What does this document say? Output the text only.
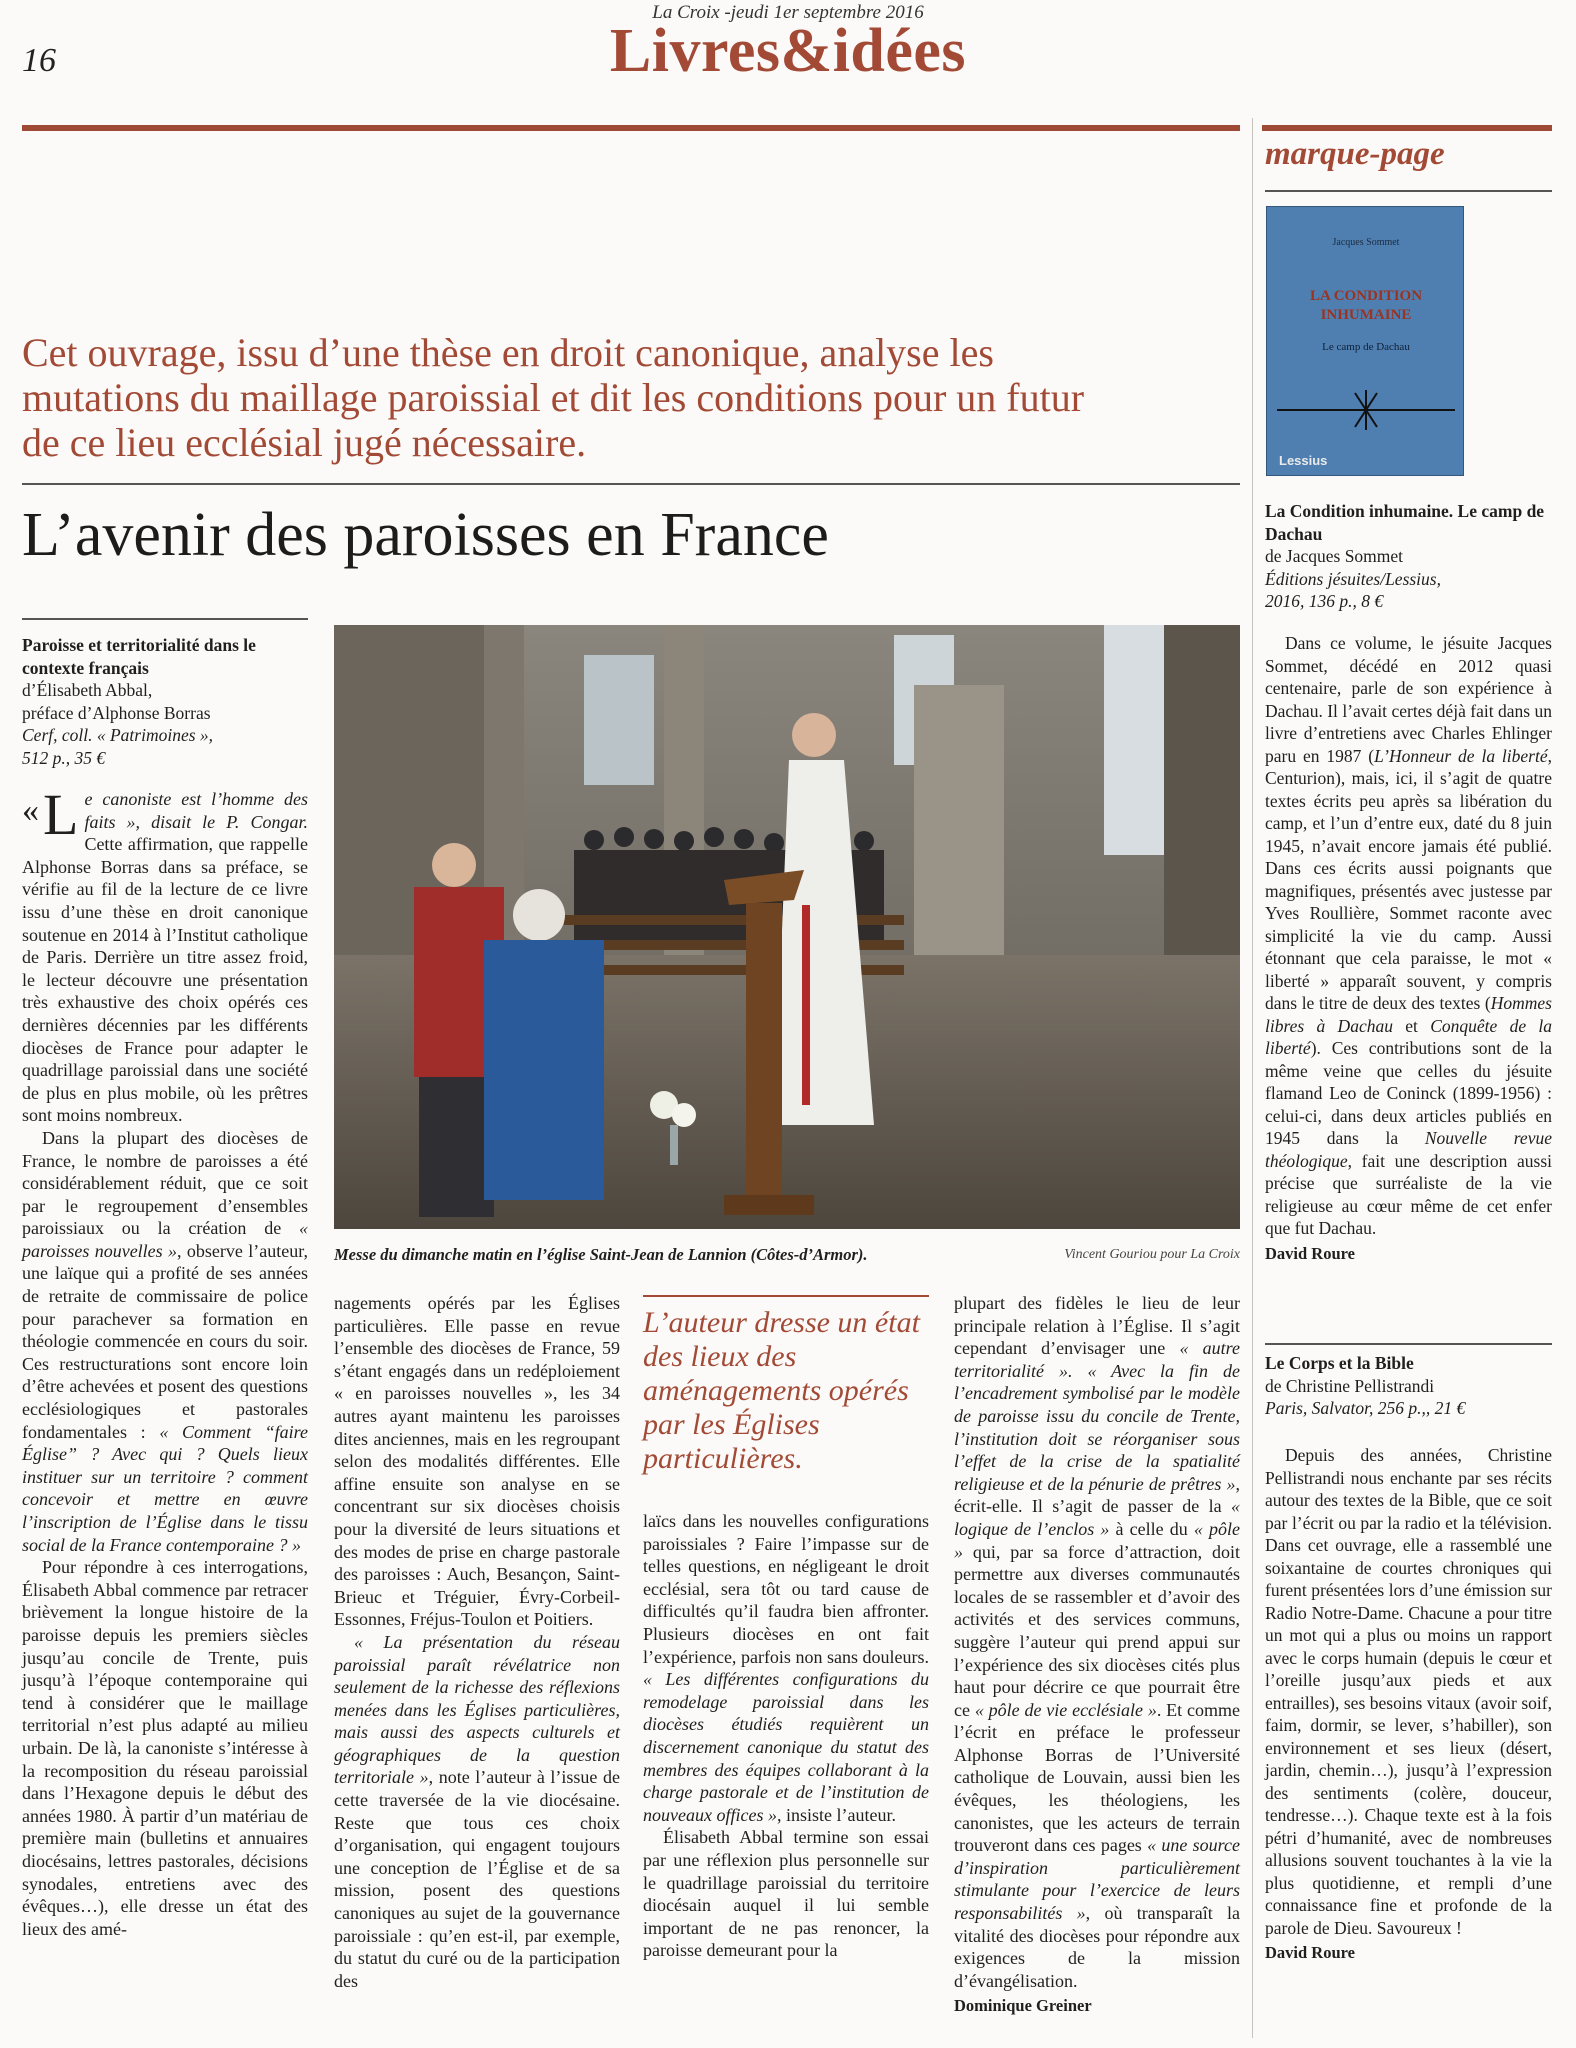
La Croix -jeudi 1er septembre 2016
16	Livres&idées
Cet ouvrage, issu d’une thèse en droit canonique, analyse les mutations du maillage paroissial et dit les conditions pour un futur de ce lieu ecclésial jugé nécessaire.
L’avenir des paroisses en France
Paroisse et territorialité dans le contexte français
d’Élisabeth Abbal,
préface d’Alphonse Borras
Cerf, coll. « Patrimoines »,
512 p., 35 €
Messe du dimanche matin en l’église Saint-Jean de Lannion (Côtes-d’Armor).	Vincent Gouriou pour La Croix

« L e canoniste est l’homme des faits », disait le P. Congar. Cette affirmation, que rappelle Alphonse Borras dans sa préface, se vérifie au fil de la lecture de ce livre issu d’une thèse en droit canonique soutenue en 2014 à l’Institut catholique de Paris. Derrière un titre assez froid, le lecteur découvre une présentation très exhaustive des choix opérés ces dernières décennies par les différents diocèses de France pour adapter le quadrillage paroissial dans une société de plus en plus mobile, où les prêtres sont moins nombreux.

Dans la plupart des diocèses de France, le nombre de paroisses a été considérablement réduit, que ce soit par le regroupement d’ensembles paroissiaux ou la création de « paroisses nouvelles », observe l’auteur, une laïque qui a profité de ses années de retraite de commissaire de police pour parachever sa formation en théologie commencée en cours du soir. Ces restructurations sont encore loin d’être achevées et posent des questions ecclésiologiques et pastorales fondamentales : « Comment “faire Église” ? Avec qui ? Quels lieux instituer sur un territoire ? comment concevoir et mettre en œuvre l’inscription de l’Église dans le tissu social de la France contemporaine ? »

Pour répondre à ces interrogations, Élisabeth Abbal commence par retracer brièvement la longue histoire de la paroisse depuis les premiers siècles jusqu’au concile de Trente, puis jusqu’à l’époque contemporaine qui tend à considérer que le maillage territorial n’est plus adapté au milieu urbain. De là, la canoniste s’intéresse à la recomposition du réseau paroissial dans l’Hexagone depuis le début des années 1980. À partir d’un matériau de première main (bulletins et annuaires diocésains, lettres pastorales, décisions synodales, entretiens avec des évêques…), elle dresse un état des lieux des amé-

nagements opérés par les Églises particulières. Elle passe en revue l’ensemble des diocèses de France, 59 s’étant engagés dans un redéploiement « en paroisses nouvelles », les 34 autres ayant maintenu les paroisses dites anciennes, mais en les regroupant selon des modalités différentes. Elle affine ensuite son analyse en se concentrant sur six diocèses choisis pour la diversité de leurs situations et des modes de prise en charge pastorale des paroisses : Auch, Besançon, Saint-Brieuc et Tréguier, Évry-Corbeil-Essonnes, Fréjus-Toulon et Poitiers.

« La présentation du réseau paroissial paraît révélatrice non seulement de la richesse des réflexions menées dans les Églises particulières, mais aussi des aspects culturels et géographiques de la question territoriale », note l’auteur à l’issue de cette traversée de la vie diocésaine. Reste que tous ces choix d’organisation, qui engagent toujours une conception de l’Église et de sa mission, posent des questions canoniques au sujet de la gouvernance paroissiale : qu’en est-il, par exemple, du statut du curé ou de la participation des

L’auteur dresse un état des lieux des aménagements opérés par les Églises particulières.

laïcs dans les nouvelles configurations paroissiales ? Faire l’impasse sur de telles questions, en négligeant le droit ecclésial, sera tôt ou tard cause de difficultés qu’il faudra bien affronter. Plusieurs diocèses en ont fait l’expérience, parfois non sans douleurs. « Les différentes configurations du remodelage paroissial dans les diocèses étudiés requièrent un discernement canonique du statut des membres des équipes collaborant à la charge pastorale et de l’institution de nouveaux offices », insiste l’auteur.

Élisabeth Abbal termine son essai par une réflexion plus personnelle sur le quadrillage paroissial du territoire diocésain auquel il lui semble important de ne pas renoncer, la paroisse demeurant pour la

plupart des fidèles le lieu de leur principale relation à l’Église. Il s’agit cependant d’envisager une « autre territorialité ». « Avec la fin de l’encadrement symbolisé par le modèle de paroisse issu du concile de Trente, l’institution doit se réorganiser sous l’effet de la crise de la spatialité religieuse et de la pénurie de prêtres », écrit-elle. Il s’agit de passer de la « logique de l’enclos » à celle du « pôle » qui, par sa force d’attraction, doit permettre aux diverses communautés locales de se rassembler et d’avoir des activités et des services communs, suggère l’auteur qui prend appui sur l’expérience des six diocèses cités plus haut pour décrire ce que pourrait être ce « pôle de vie ecclésiale ». Et comme l’écrit en préface le professeur Alphonse Borras de l’Université catholique de Louvain, aussi bien les évêques, les théologiens, les canonistes, que les acteurs de terrain trouveront dans ces pages « une source d’inspiration particulièrement stimulante pour l’exercice de leurs responsabilités », où transparaît la vitalité des diocèses pour répondre aux exigences de la mission d’évangélisation.

Dominique Greiner
marque-page
Jacques Sommet
LA CONDITION INHUMAINE
Le camp de Dachau
Lessius
La Condition inhumaine. Le camp de Dachau
de Jacques Sommet
Éditions jésuites/Lessius,
2016, 136 p., 8 €

Dans ce volume, le jésuite Jacques Sommet, décédé en 2012 quasi centenaire, parle de son expérience à Dachau. Il l’avait certes déjà fait dans un livre d’entretiens avec Charles Ehlinger paru en 1987 (L’Honneur de la liberté, Centurion), mais, ici, il s’agit de quatre textes écrits peu après sa libération du camp, et l’un d’entre eux, daté du 8 juin 1945, n’avait encore jamais été publié. Dans ces écrits aussi poignants que magnifiques, présentés avec justesse par Yves Roullière, Sommet raconte avec simplicité la vie du camp. Aussi étonnant que cela paraisse, le mot « liberté » apparaît souvent, y compris dans le titre de deux des textes (Hommes libres à Dachau et Conquête de la liberté). Ces contributions sont de la même veine que celles du jésuite flamand Leo de Coninck (1899-1956) : celui-ci, dans deux articles publiés en 1945 dans la Nouvelle revue théologique, fait une description aussi précise que surréaliste de la vie religieuse au cœur même de cet enfer que fut Dachau.

David Roure
Le Corps et la Bible
de Christine Pellistrandi
Paris, Salvator, 256 p.,, 21 €

Depuis des années, Christine Pellistrandi nous enchante par ses récits autour des textes de la Bible, que ce soit par l’écrit ou par la radio et la télévision. Dans cet ouvrage, elle a rassemblé une soixantaine de courtes chroniques qui furent présentées lors d’une émission sur Radio Notre-Dame. Chacune a pour titre un mot qui a plus ou moins un rapport avec le corps humain (depuis le cœur et l’oreille jusqu’aux pieds et aux entrailles), ses besoins vitaux (avoir soif, faim, dormir, se lever, s’habiller), son environnement et ses lieux (désert, jardin, chemin…), jusqu’à l’expression des sentiments (colère, douceur, tendresse…). Chaque texte est à la fois pétri d’humanité, avec de nombreuses allusions souvent touchantes à la vie la plus quotidienne, et rempli d’une connaissance fine et profonde de la parole de Dieu. Savoureux !

David Roure
